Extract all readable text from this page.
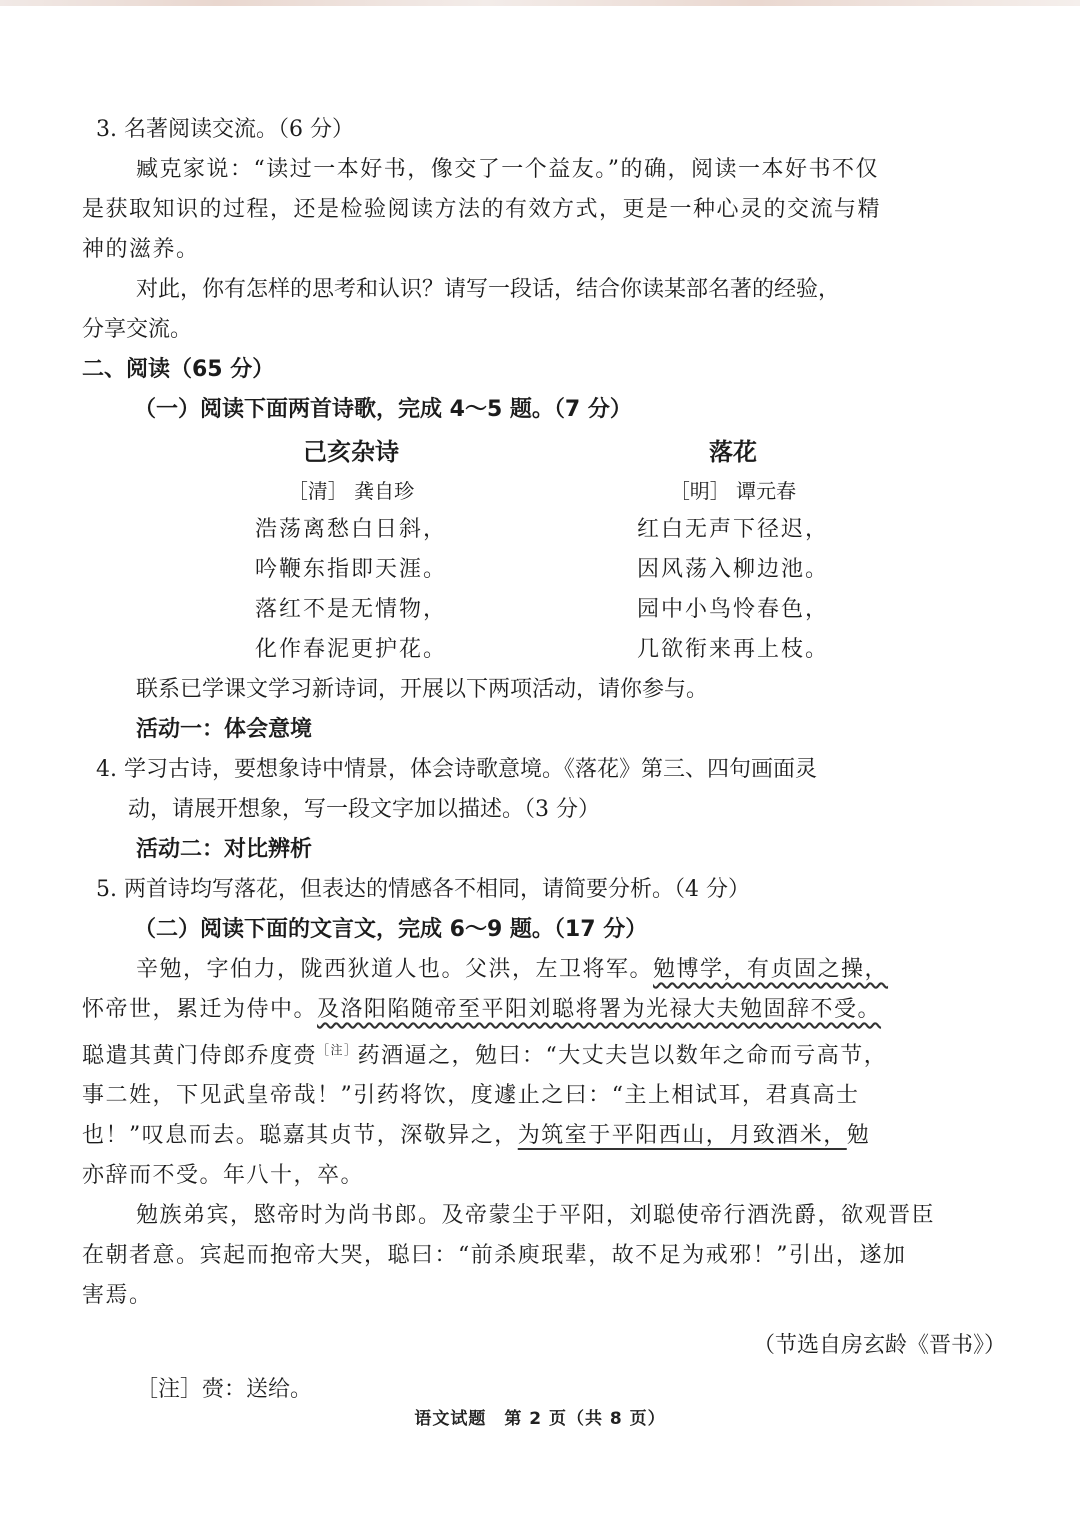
3. 名著阅读交流。（6 分）
臧克家说：“读过一本好书，像交了一个益友。”的确，阅读一本好书不仅
是获取知识的过程，还是检验阅读方法的有效方式，更是一种心灵的交流与精
神的滋养。
对此，你有怎样的思考和认识？请写一段话，结合你读某部名著的经验，
分享交流。
二、阅读（65 分）
（一）阅读下面两首诗歌，完成 4～5 题。（7 分）
己亥杂诗
［清］ 龚自珍
浩荡离愁白日斜，
吟鞭东指即天涯。
落红不是无情物，
化作春泥更护花。
落花
［明］ 谭元春
红白无声下径迟，
因风荡入柳边池。
园中小鸟怜春色，
几欲衔来再上枝。
联系已学课文学习新诗词，开展以下两项活动，请你参与。
活动一：体会意境
4. 学习古诗，要想象诗中情景，体会诗歌意境。《落花》第三、四句画面灵
动，请展开想象，写一段文字加以描述。（3 分）
活动二：对比辨析
5. 两首诗均写落花，但表达的情感各不相同，请简要分析。（4 分）
（二）阅读下面的文言文，完成 6～9 题。（17 分）
辛勉，字伯力，陇西狄道人也。父洪，左卫将军。勉博学，有贞固之操，
怀帝世，累迁为侍中。及洛阳陷随帝至平阳刘聪将署为光禄大夫勉固辞不受。
聪遣其黄门侍郎乔度赍$^{[注]}$药酒逼之，勉曰：“大丈夫岂以数年之命而亏高节，
事二姓，下见武皇帝哉！”引药将饮，度遽止之曰：“主上相试耳，君真高士
也！”叹息而去。聪嘉其贞节，深敬异之，为筑室于平阳西山，月致酒米，勉
亦辞而不受。年八十，卒。
勉族弟宾，愍帝时为尚书郎。及帝蒙尘于平阳，刘聪使帝行酒洗爵，欲观晋臣
在朝者意。宾起而抱帝大哭，聪曰：“前杀庾珉辈，故不足为戒邪！”引出，遂加
害焉。
（节选自房玄龄《晋书》）
［注］赍：送给。
语文试题　第 2 页（共 8 页）
